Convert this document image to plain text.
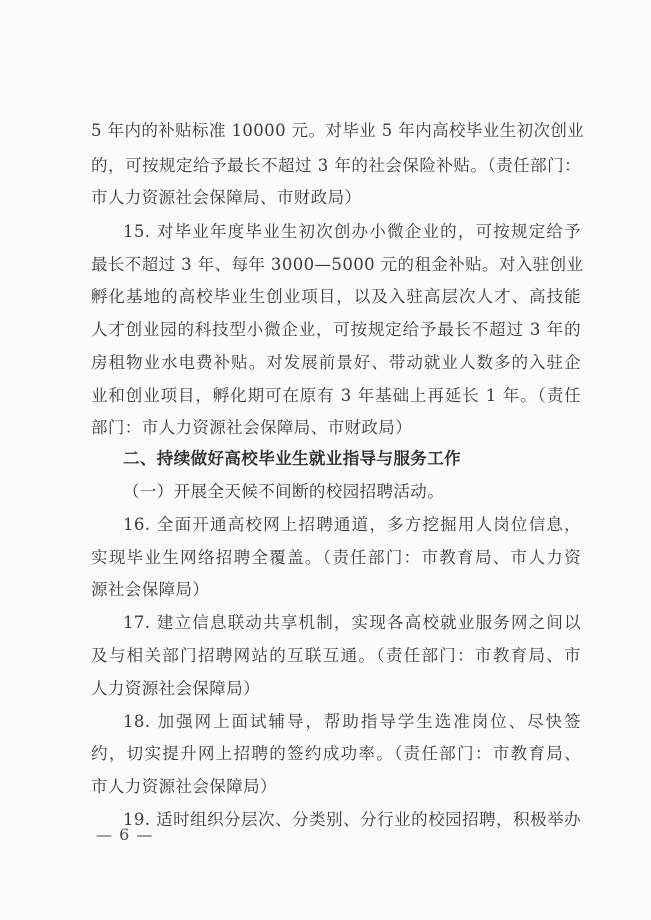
5 年内的补贴标准 10000 元。对毕业 5 年内高校毕业生初次创业
的，可按规定给予最长不超过 3 年的社会保险补贴。（责任部门：
市人力资源社会保障局、市财政局）
15. 对毕业年度毕业生初次创办小微企业的，可按规定给予
最长不超过 3 年、每年 3000—5000 元的租金补贴。对入驻创业
孵化基地的高校毕业生创业项目，以及入驻高层次人才、高技能
人才创业园的科技型小微企业，可按规定给予最长不超过 3 年的
房租物业水电费补贴。对发展前景好、带动就业人数多的入驻企
业和创业项目，孵化期可在原有 3 年基础上再延长 1 年。（责任
部门：市人力资源社会保障局、市财政局）
二、持续做好高校毕业生就业指导与服务工作
（一）开展全天候不间断的校园招聘活动。
16. 全面开通高校网上招聘通道，多方挖掘用人岗位信息，
实现毕业生网络招聘全覆盖。（责任部门：市教育局、市人力资
源社会保障局）
17. 建立信息联动共享机制，实现各高校就业服务网之间以
及与相关部门招聘网站的互联互通。（责任部门：市教育局、市
人力资源社会保障局）
18. 加强网上面试辅导，帮助指导学生选准岗位、尽快签
约，切实提升网上招聘的签约成功率。（责任部门：市教育局、
市人力资源社会保障局）
19. 适时组织分层次、分类别、分行业的校园招聘，积极举办
— 6 —
